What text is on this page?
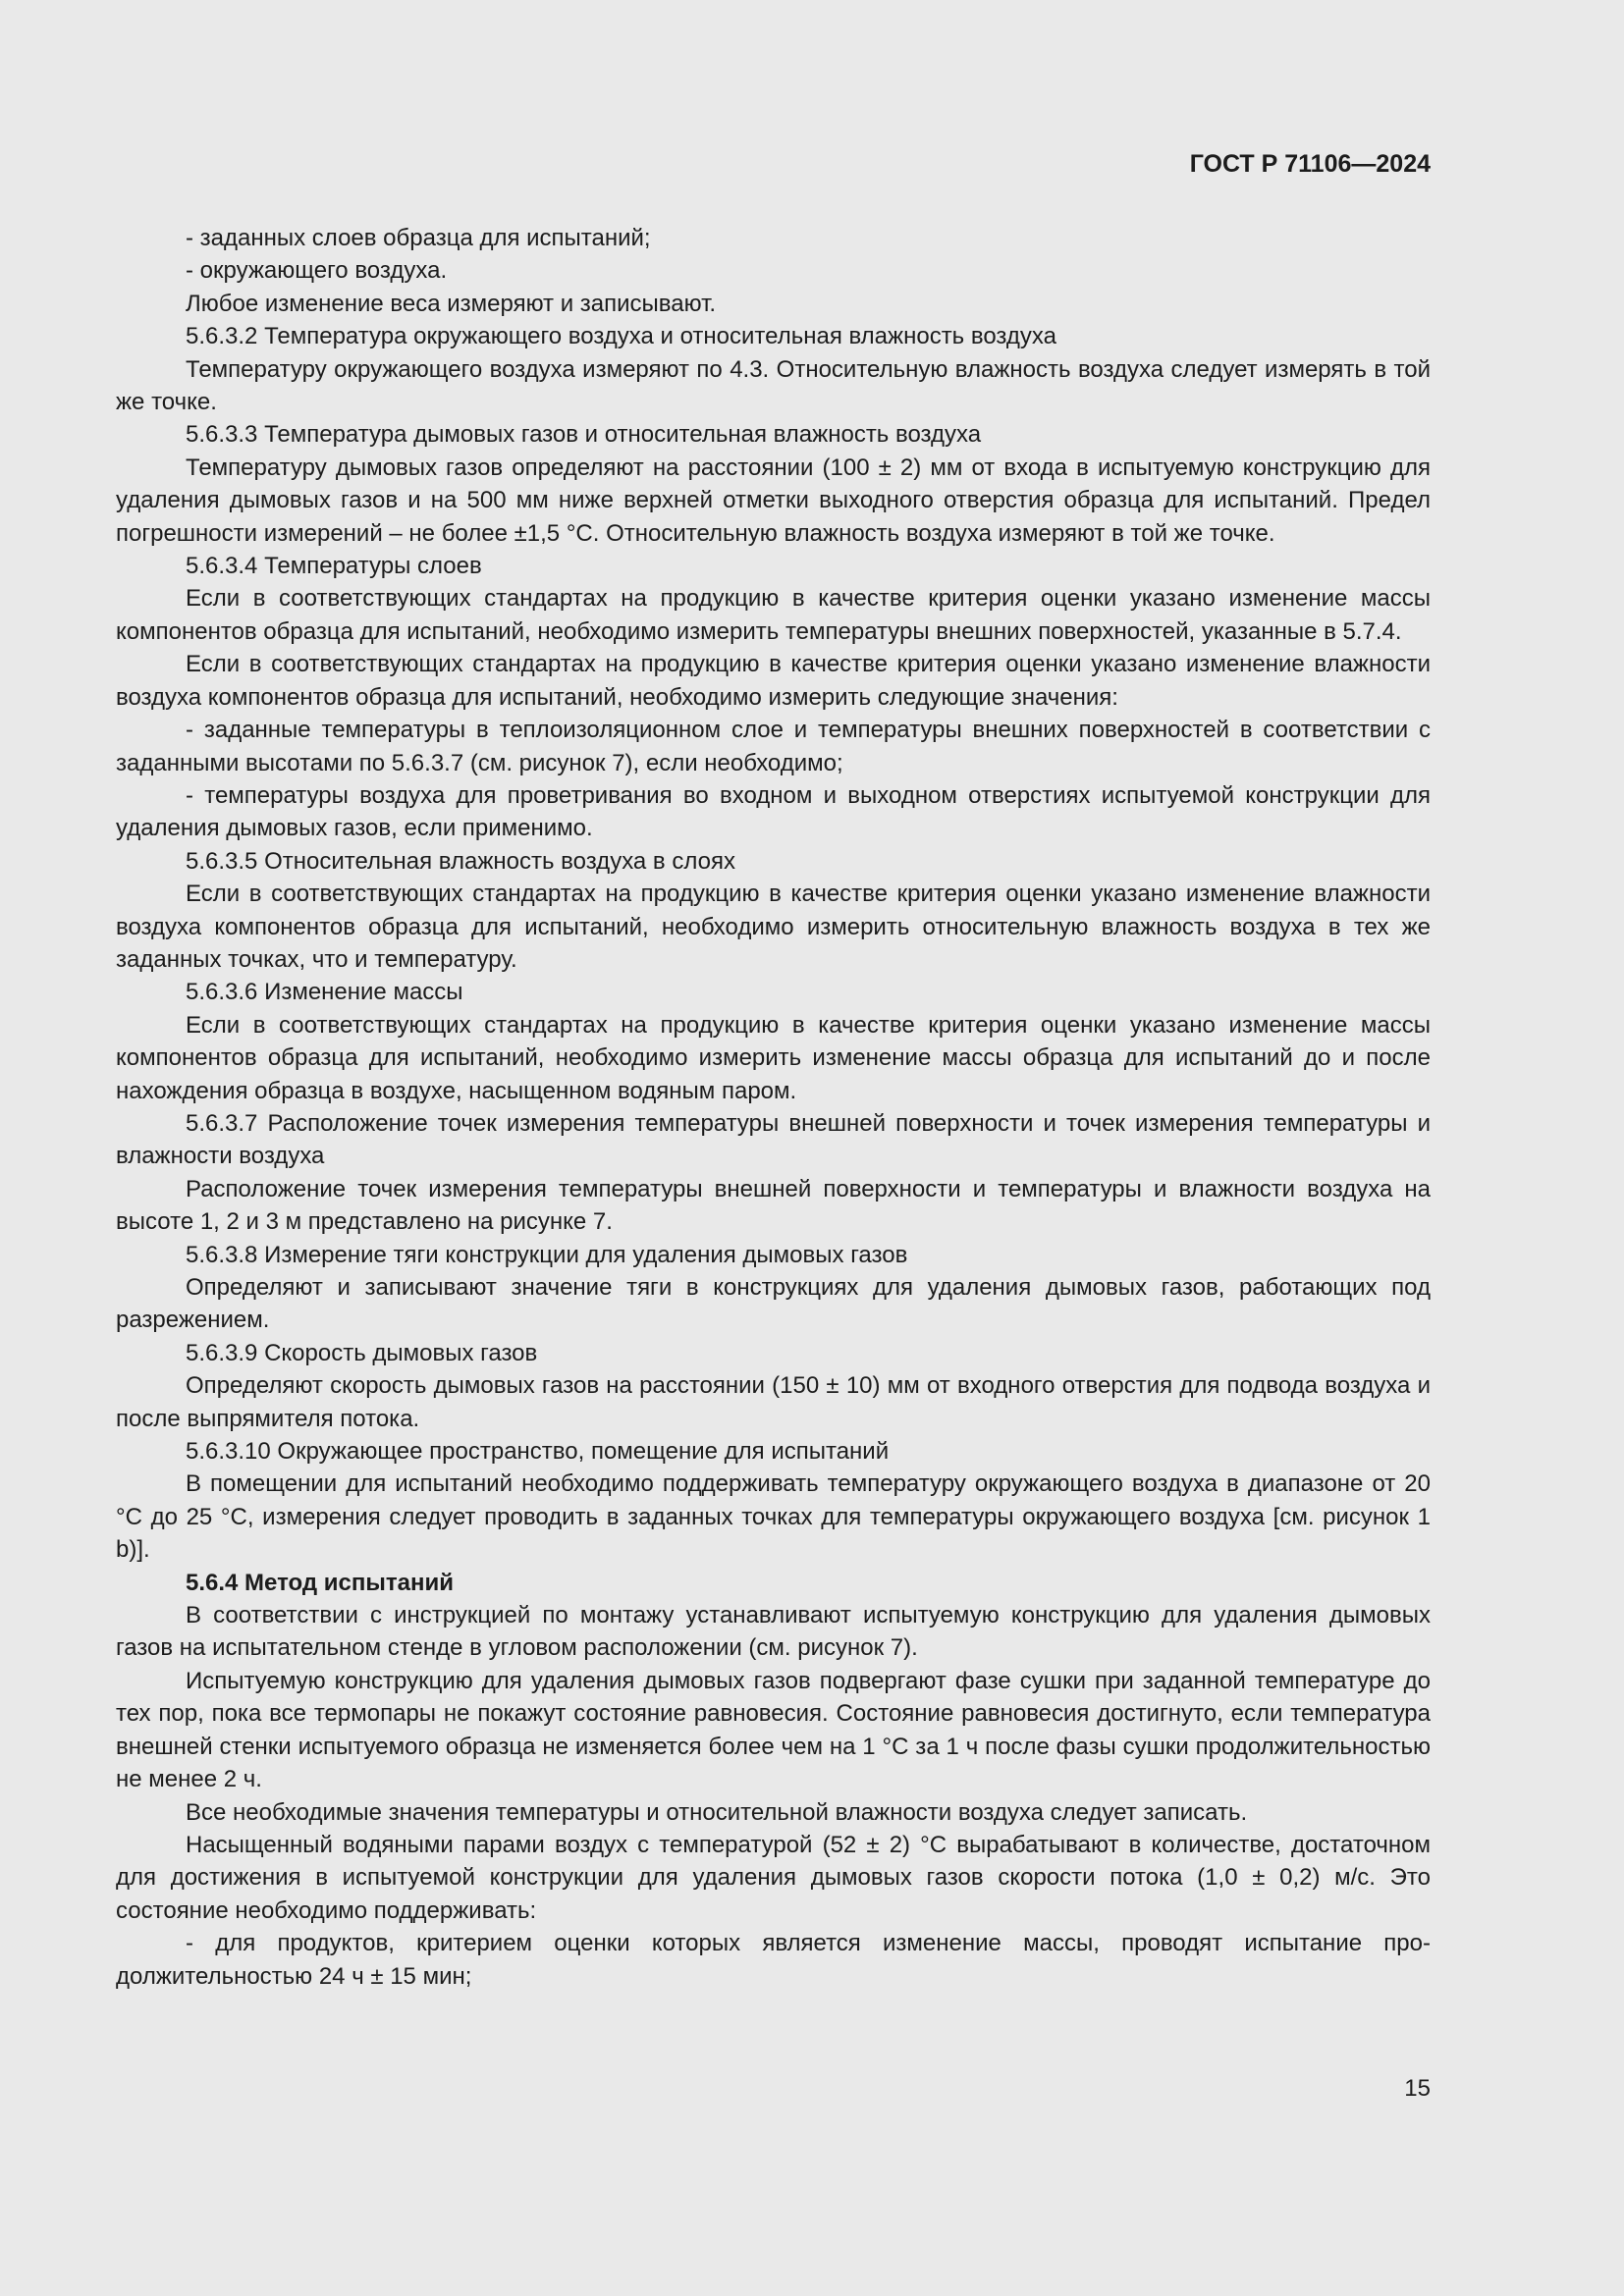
ГОСТ Р 71106—2024

- заданных слоев образца для испытаний;

- окружающего воздуха.

Любое изменение веса измеряют и записывают.

5.6.3.2 Температура окружающего воздуха и относительная влажность воздуха

Температуру окружающего воздуха измеряют по 4.3. Относительную влажность воздуха следует измерять в той же точке.

5.6.3.3 Температура дымовых газов и относительная влажность воздуха

Температуру дымовых газов определяют на расстоянии (100 ± 2) мм от входа в испытуемую конструкцию для удаления дымовых газов и на 500 мм ниже верхней отметки выходного отверстия образца для испытаний. Предел погрешности измерений – не более ±1,5 °С. Относительную влажность воздуха измеряют в той же точке.

5.6.3.4 Температуры слоев

Если в соответствующих стандартах на продукцию в качестве критерия оценки указано изменение массы компонентов образца для испытаний, необходимо измерить температуры внешних поверхностей, указанные в 5.7.4.

Если в соответствующих стандартах на продукцию в качестве критерия оценки указано изменение влажности воздуха компонентов образца для испытаний, необходимо измерить следующие значения:

- заданные температуры в теплоизоляционном слое и температуры внешних поверхностей в соответствии с заданными высотами по 5.6.3.7 (см. рисунок 7), если необходимо;

- температуры воздуха для проветривания во входном и выходном отверстиях испытуемой конструкции для удаления дымовых газов, если применимо.

5.6.3.5 Относительная влажность воздуха в слоях

Если в соответствующих стандартах на продукцию в качестве критерия оценки указано изменение влажности воздуха компонентов образца для испытаний, необходимо измерить относительную влажность воздуха в тех же заданных точках, что и температуру.

5.6.3.6 Изменение массы

Если в соответствующих стандартах на продукцию в качестве критерия оценки указано изменение массы компонентов образца для испытаний, необходимо измерить изменение массы образца для испытаний до и после нахождения образца в воздухе, насыщенном водяным паром.

5.6.3.7 Расположение точек измерения температуры внешней поверхности и точек измерения температуры и влажности воздуха

Расположение точек измерения температуры внешней поверхности и температуры и влажности воздуха на высоте 1, 2 и 3 м представлено на рисунке 7.

5.6.3.8 Измерение тяги конструкции для удаления дымовых газов

Определяют и записывают значение тяги в конструкциях для удаления дымовых газов, работающих под разрежением.

5.6.3.9 Скорость дымовых газов

Определяют скорость дымовых газов на расстоянии (150 ± 10) мм от входного отверстия для подвода воздуха и после выпрямителя потока.

5.6.3.10 Окружающее пространство, помещение для испытаний

В помещении для испытаний необходимо поддерживать температуру окружающего воздуха в диапазоне от 20 °С до 25 °С, измерения следует проводить в заданных точках для температуры окружающего воздуха [см. рисунок 1 b)].

5.6.4 Метод испытаний

В соответствии с инструкцией по монтажу устанавливают испытуемую конструкцию для удаления дымовых газов на испытательном стенде в угловом расположении (см. рисунок 7).

Испытуемую конструкцию для удаления дымовых газов подвергают фазе сушки при заданной температуре до тех пор, пока все термопары не покажут состояние равновесия. Состояние равновесия достигнуто, если температура внешней стенки испытуемого образца не изменяется более чем на 1 °С за 1 ч после фазы сушки продолжительностью не менее 2 ч.

Все необходимые значения температуры и относительной влажности воздуха следует записать.

Насыщенный водяными парами воздух с температурой (52 ± 2) °С вырабатывают в количестве, достаточном для достижения в испытуемой конструкции для удаления дымовых газов скорости потока (1,0 ± 0,2) м/с. Это состояние необходимо поддерживать:

- для продуктов, критерием оценки которых является изменение массы, проводят испытание продолжительностью 24 ч ± 15 мин;

15
